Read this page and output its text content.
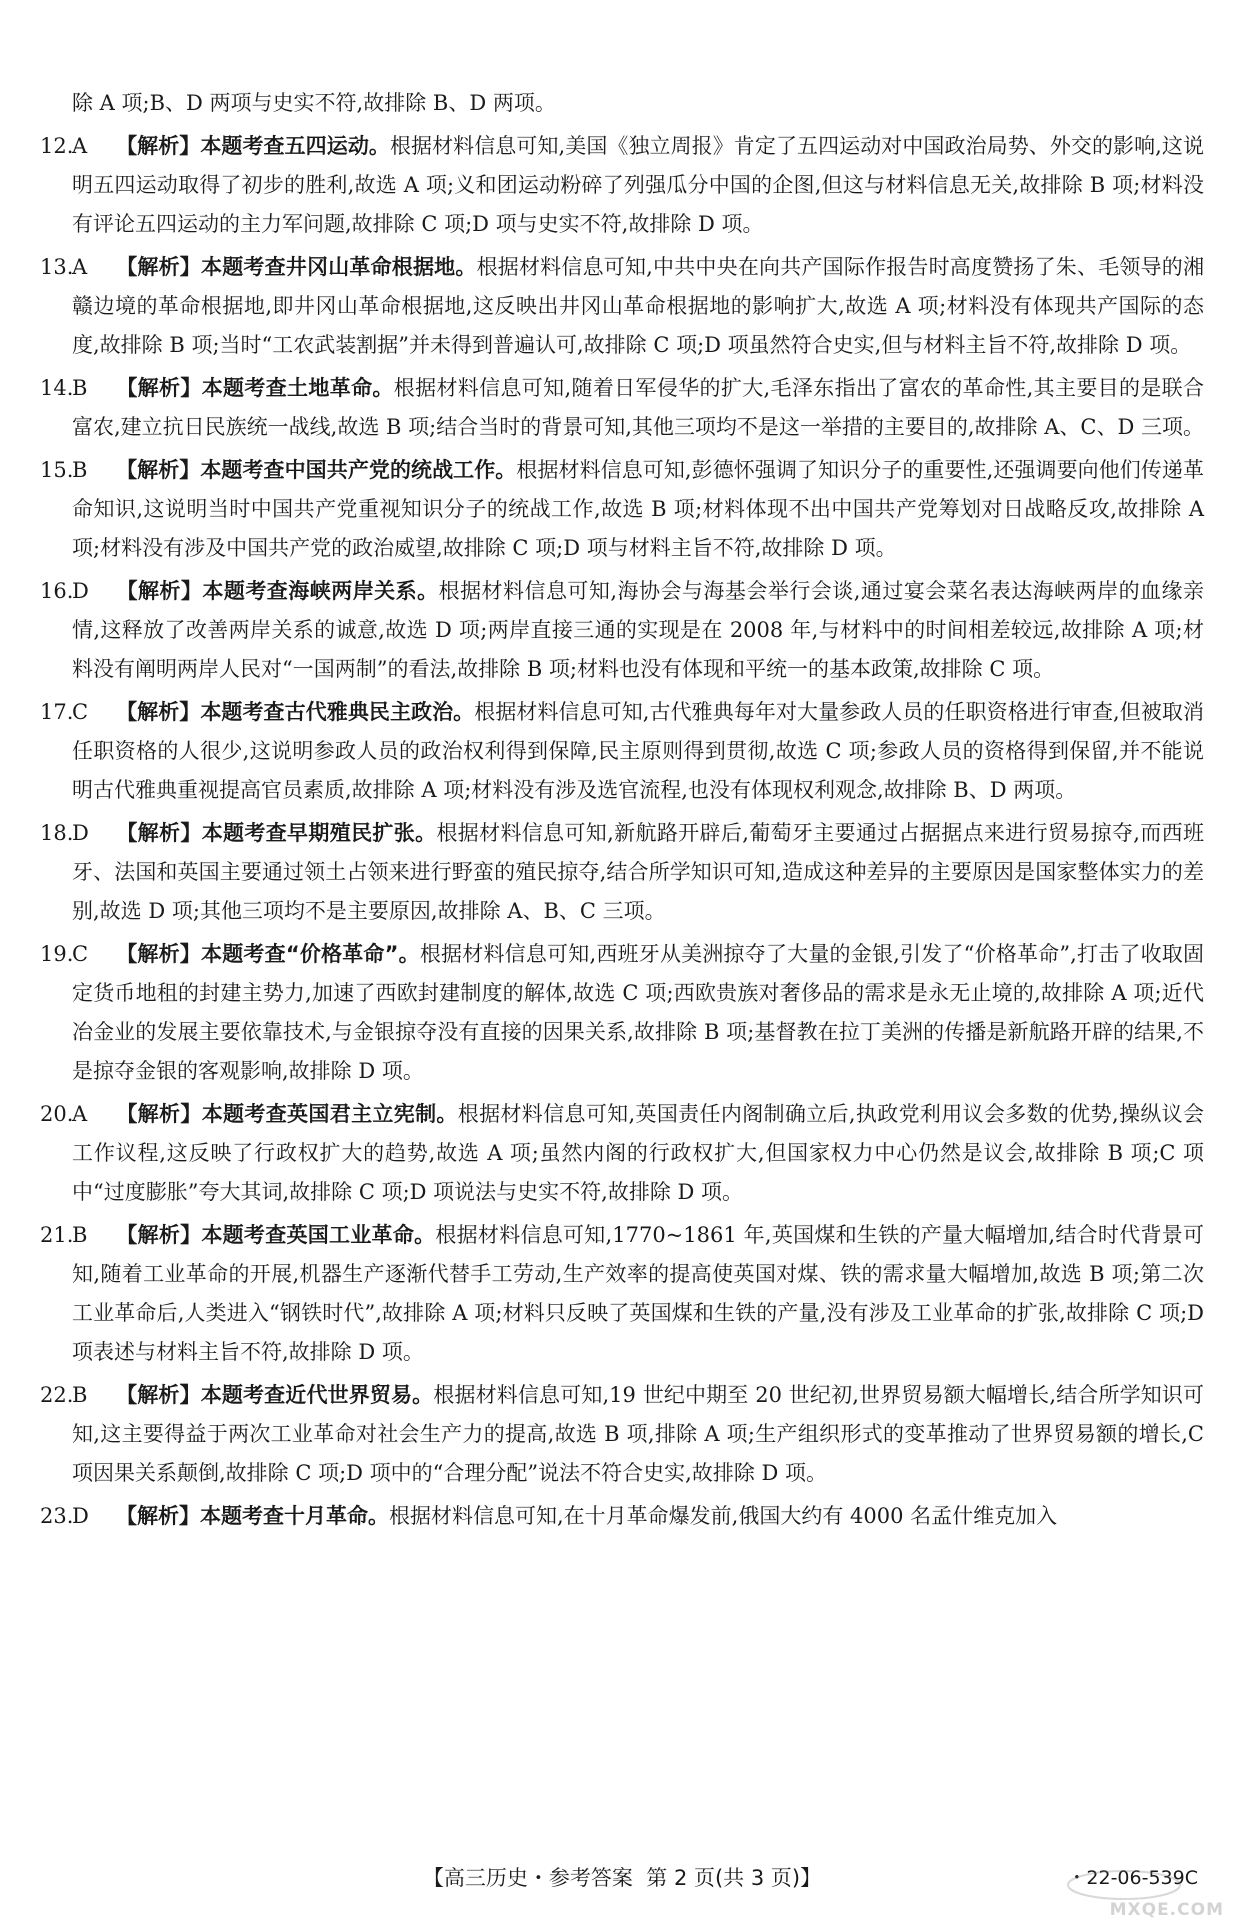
除 A 项;B、D 两项与史实不符,故排除 B、D 两项。

12.
A 【解析】本题考查五四运动。根据材料信息可知,美国《独立周报》肯定了五四运动对中国政治局势、外交的影响,这说明五四运动取得了初步的胜利,故选 A 项;义和团运动粉碎了列强瓜分中国的企图,但这与材料信息无关,故排除 B 项;材料没有评论五四运动的主力军问题,故排除 C 项;D 项与史实不符,故排除 D 项。
13.
A 【解析】本题考查井冈山革命根据地。根据材料信息可知,中共中央在向共产国际作报告时高度赞扬了朱、毛领导的湘赣边境的革命根据地,即井冈山革命根据地,这反映出井冈山革命根据地的影响扩大,故选 A 项;材料没有体现共产国际的态度,故排除 B 项;当时“工农武装割据”并未得到普遍认可,故排除 C 项;D 项虽然符合史实,但与材料主旨不符,故排除 D 项。
14.
B 【解析】本题考查土地革命。根据材料信息可知,随着日军侵华的扩大,毛泽东指出了富农的革命性,其主要目的是联合富农,建立抗日民族统一战线,故选 B 项;结合当时的背景可知,其他三项均不是这一举措的主要目的,故排除 A、C、D 三项。
15.
B 【解析】本题考查中国共产党的统战工作。根据材料信息可知,彭德怀强调了知识分子的重要性,还强调要向他们传递革命知识,这说明当时中国共产党重视知识分子的统战工作,故选 B 项;材料体现不出中国共产党筹划对日战略反攻,故排除 A 项;材料没有涉及中国共产党的政治威望,故排除 C 项;D 项与材料主旨不符,故排除 D 项。
16.
D 【解析】本题考查海峡两岸关系。根据材料信息可知,海协会与海基会举行会谈,通过宴会菜名表达海峡两岸的血缘亲情,这释放了改善两岸关系的诚意,故选 D 项;两岸直接三通的实现是在 2008 年,与材料中的时间相差较远,故排除 A 项;材料没有阐明两岸人民对“一国两制”的看法,故排除 B 项;材料也没有体现和平统一的基本政策,故排除 C 项。
17.
C 【解析】本题考查古代雅典民主政治。根据材料信息可知,古代雅典每年对大量参政人员的任职资格进行审查,但被取消任职资格的人很少,这说明参政人员的政治权利得到保障,民主原则得到贯彻,故选 C 项;参政人员的资格得到保留,并不能说明古代雅典重视提高官员素质,故排除 A 项;材料没有涉及选官流程,也没有体现权利观念,故排除 B、D 两项。
18.
D 【解析】本题考查早期殖民扩张。根据材料信息可知,新航路开辟后,葡萄牙主要通过占据据点来进行贸易掠夺,而西班牙、法国和英国主要通过领土占领来进行野蛮的殖民掠夺,结合所学知识可知,造成这种差异的主要原因是国家整体实力的差别,故选 D 项;其他三项均不是主要原因,故排除 A、B、C 三项。
19.
C 【解析】本题考查“价格革命”。根据材料信息可知,西班牙从美洲掠夺了大量的金银,引发了“价格革命”,打击了收取固定货币地租的封建主势力,加速了西欧封建制度的解体,故选 C 项;西欧贵族对奢侈品的需求是永无止境的,故排除 A 项;近代冶金业的发展主要依靠技术,与金银掠夺没有直接的因果关系,故排除 B 项;基督教在拉丁美洲的传播是新航路开辟的结果,不是掠夺金银的客观影响,故排除 D 项。
20.
A 【解析】本题考查英国君主立宪制。根据材料信息可知,英国责任内阁制确立后,执政党利用议会多数的优势,操纵议会工作议程,这反映了行政权扩大的趋势,故选 A 项;虽然内阁的行政权扩大,但国家权力中心仍然是议会,故排除 B 项;C 项中“过度膨胀”夸大其词,故排除 C 项;D 项说法与史实不符,故排除 D 项。
21.
B 【解析】本题考查英国工业革命。根据材料信息可知,1770~1861 年,英国煤和生铁的产量大幅增加,结合时代背景可知,随着工业革命的开展,机器生产逐渐代替手工劳动,生产效率的提高使英国对煤、铁的需求量大幅增加,故选 B 项;第二次工业革命后,人类进入“钢铁时代”,故排除 A 项;材料只反映了英国煤和生铁的产量,没有涉及工业革命的扩张,故排除 C 项;D 项表述与材料主旨不符,故排除 D 项。
22.
B 【解析】本题考查近代世界贸易。根据材料信息可知,19 世纪中期至 20 世纪初,世界贸易额大幅增长,结合所学知识可知,这主要得益于两次工业革命对社会生产力的提高,故选 B 项,排除 A 项;生产组织形式的变革推动了世界贸易额的增长,C 项因果关系颠倒,故排除 C 项;D 项中的“合理分配”说法不符合史实,故排除 D 项。
23.
D 【解析】本题考查十月革命。根据材料信息可知,在十月革命爆发前,俄国大约有 4000 名孟什维克加入
【高三历史・参考答案 第 2 页(共 3 页)】	・22-06-539C
MXQE.COM
